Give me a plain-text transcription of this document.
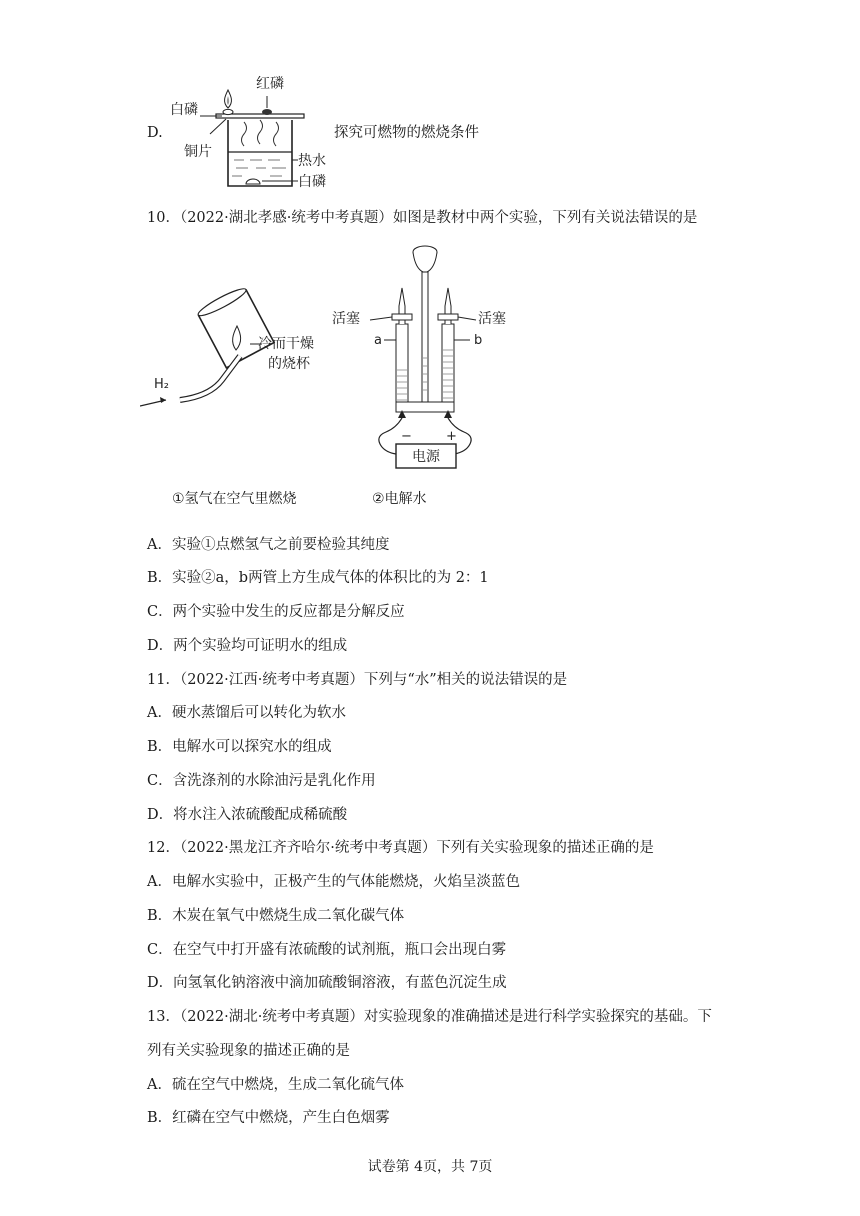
D.
红磷
白磷
铜片
热水
白磷
探究可燃物的燃烧条件
10．（2022·湖北孝感·统考中考真题）如图是教材中两个实验，下列有关说法错误的是
H₂
冷而干燥
的烧杯
−	+
电源
活塞	活塞
a	b
①氢气在空气里燃烧	②电解水
A．实验①点燃氢气之前要检验其纯度
B．实验②a，b两管上方生成气体的体积比的为 2：1
C．两个实验中发生的反应都是分解反应
D．两个实验均可证明水的组成
11．（2022·江西·统考中考真题）下列与“水”相关的说法错误的是
A．硬水蒸馏后可以转化为软水
B．电解水可以探究水的组成
C．含洗涤剂的水除油污是乳化作用
D．将水注入浓硫酸配成稀硫酸
12．（2022·黑龙江齐齐哈尔·统考中考真题）下列有关实验现象的描述正确的是
A．电解水实验中，正极产生的气体能燃烧，火焰呈淡蓝色
B．木炭在氧气中燃烧生成二氧化碳气体
C．在空气中打开盛有浓硫酸的试剂瓶，瓶口会出现白雾
D．向氢氧化钠溶液中滴加硫酸铜溶液，有蓝色沉淀生成
13．（2022·湖北·统考中考真题）对实验现象的准确描述是进行科学实验探究的基础。下
列有关实验现象的描述正确的是
A．硫在空气中燃烧，生成二氧化硫气体
B．红磷在空气中燃烧，产生白色烟雾
试卷第 4页，共 7页
